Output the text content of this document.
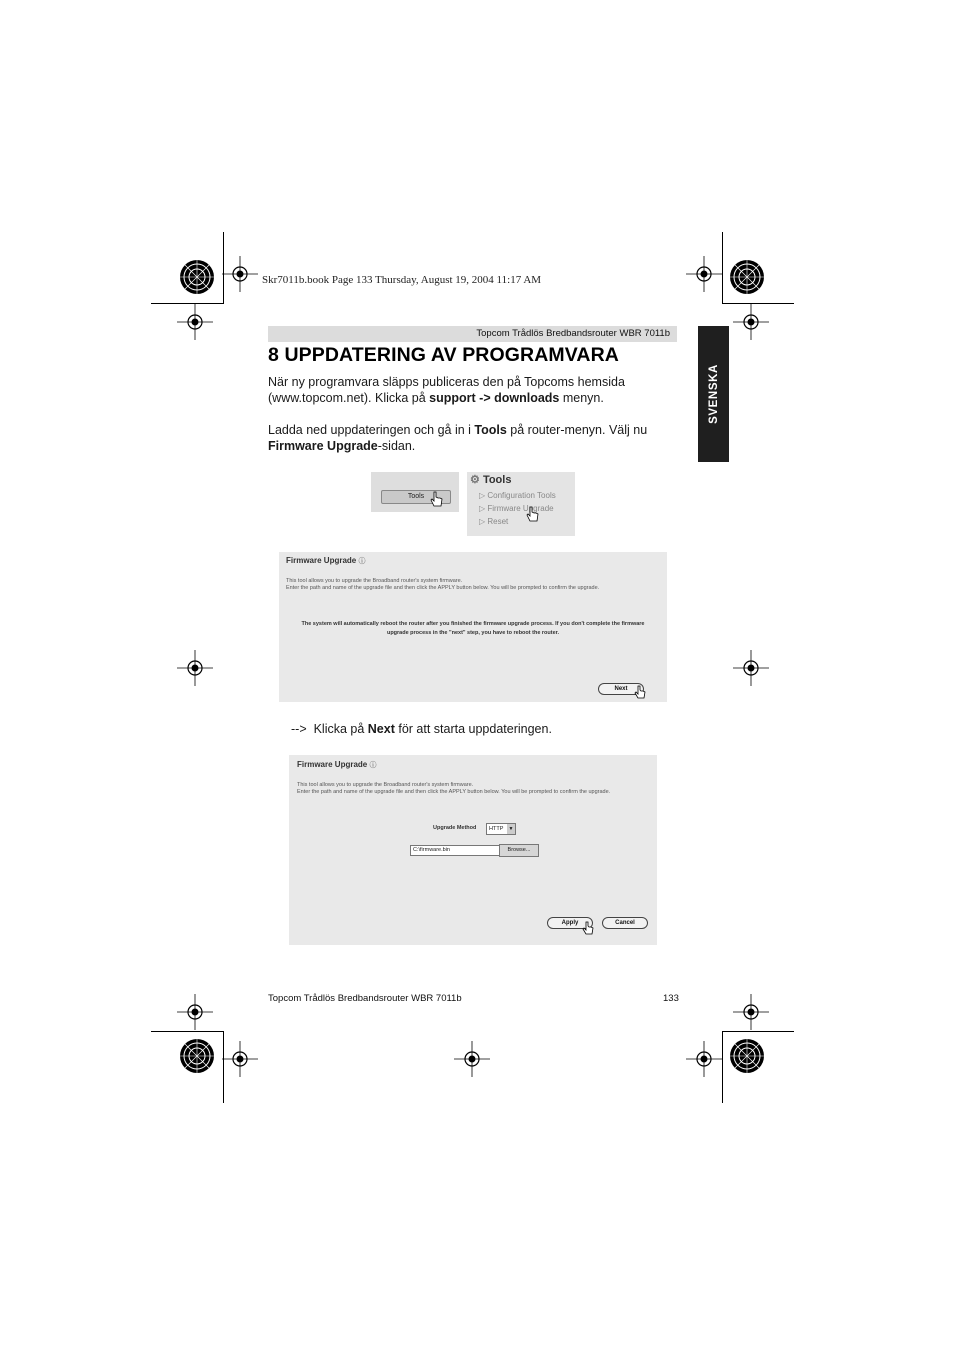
Skr7011b.book Page 133 Thursday, August 19, 2004 11:17 AM
Topcom Trådlös Bredbandsrouter WBR 7011b
SVENSKA
8 UPPDATERING AV PROGRAMVARA
När ny programvara släpps publiceras den på Topcoms hemsida (www.topcom.net). Klicka på support -> downloads menyn.
Ladda ned uppdateringen och gå in i Tools på router-menyn. Välj nu Firmware Upgrade-sidan.
Tools
⚙ Tools
▷ Configuration Tools
▷ Firmware Upgrade
▷ Reset
Firmware Upgrade ⓘ
This tool allows you to upgrade the Broadband router's system firmware.
Enter the path and name of the upgrade file and then click the APPLY button below. You will be prompted to confirm the upgrade.
The system will automatically reboot the router after you finished the firmware upgrade process. If you don't complete the firmware upgrade process in the "next" step, you have to reboot the router.
Next
--> Klicka på Next för att starta uppdateringen.
Firmware Upgrade ⓘ
This tool allows you to upgrade the Broadband router's system firmware.
Enter the path and name of the upgrade file and then click the APPLY button below. You will be prompted to confirm the upgrade.
Upgrade Method	HTTP	▼
C:\firmware.bin	Browse...
Apply	Cancel
Topcom Trådlös Bredbandsrouter WBR 7011b	133
